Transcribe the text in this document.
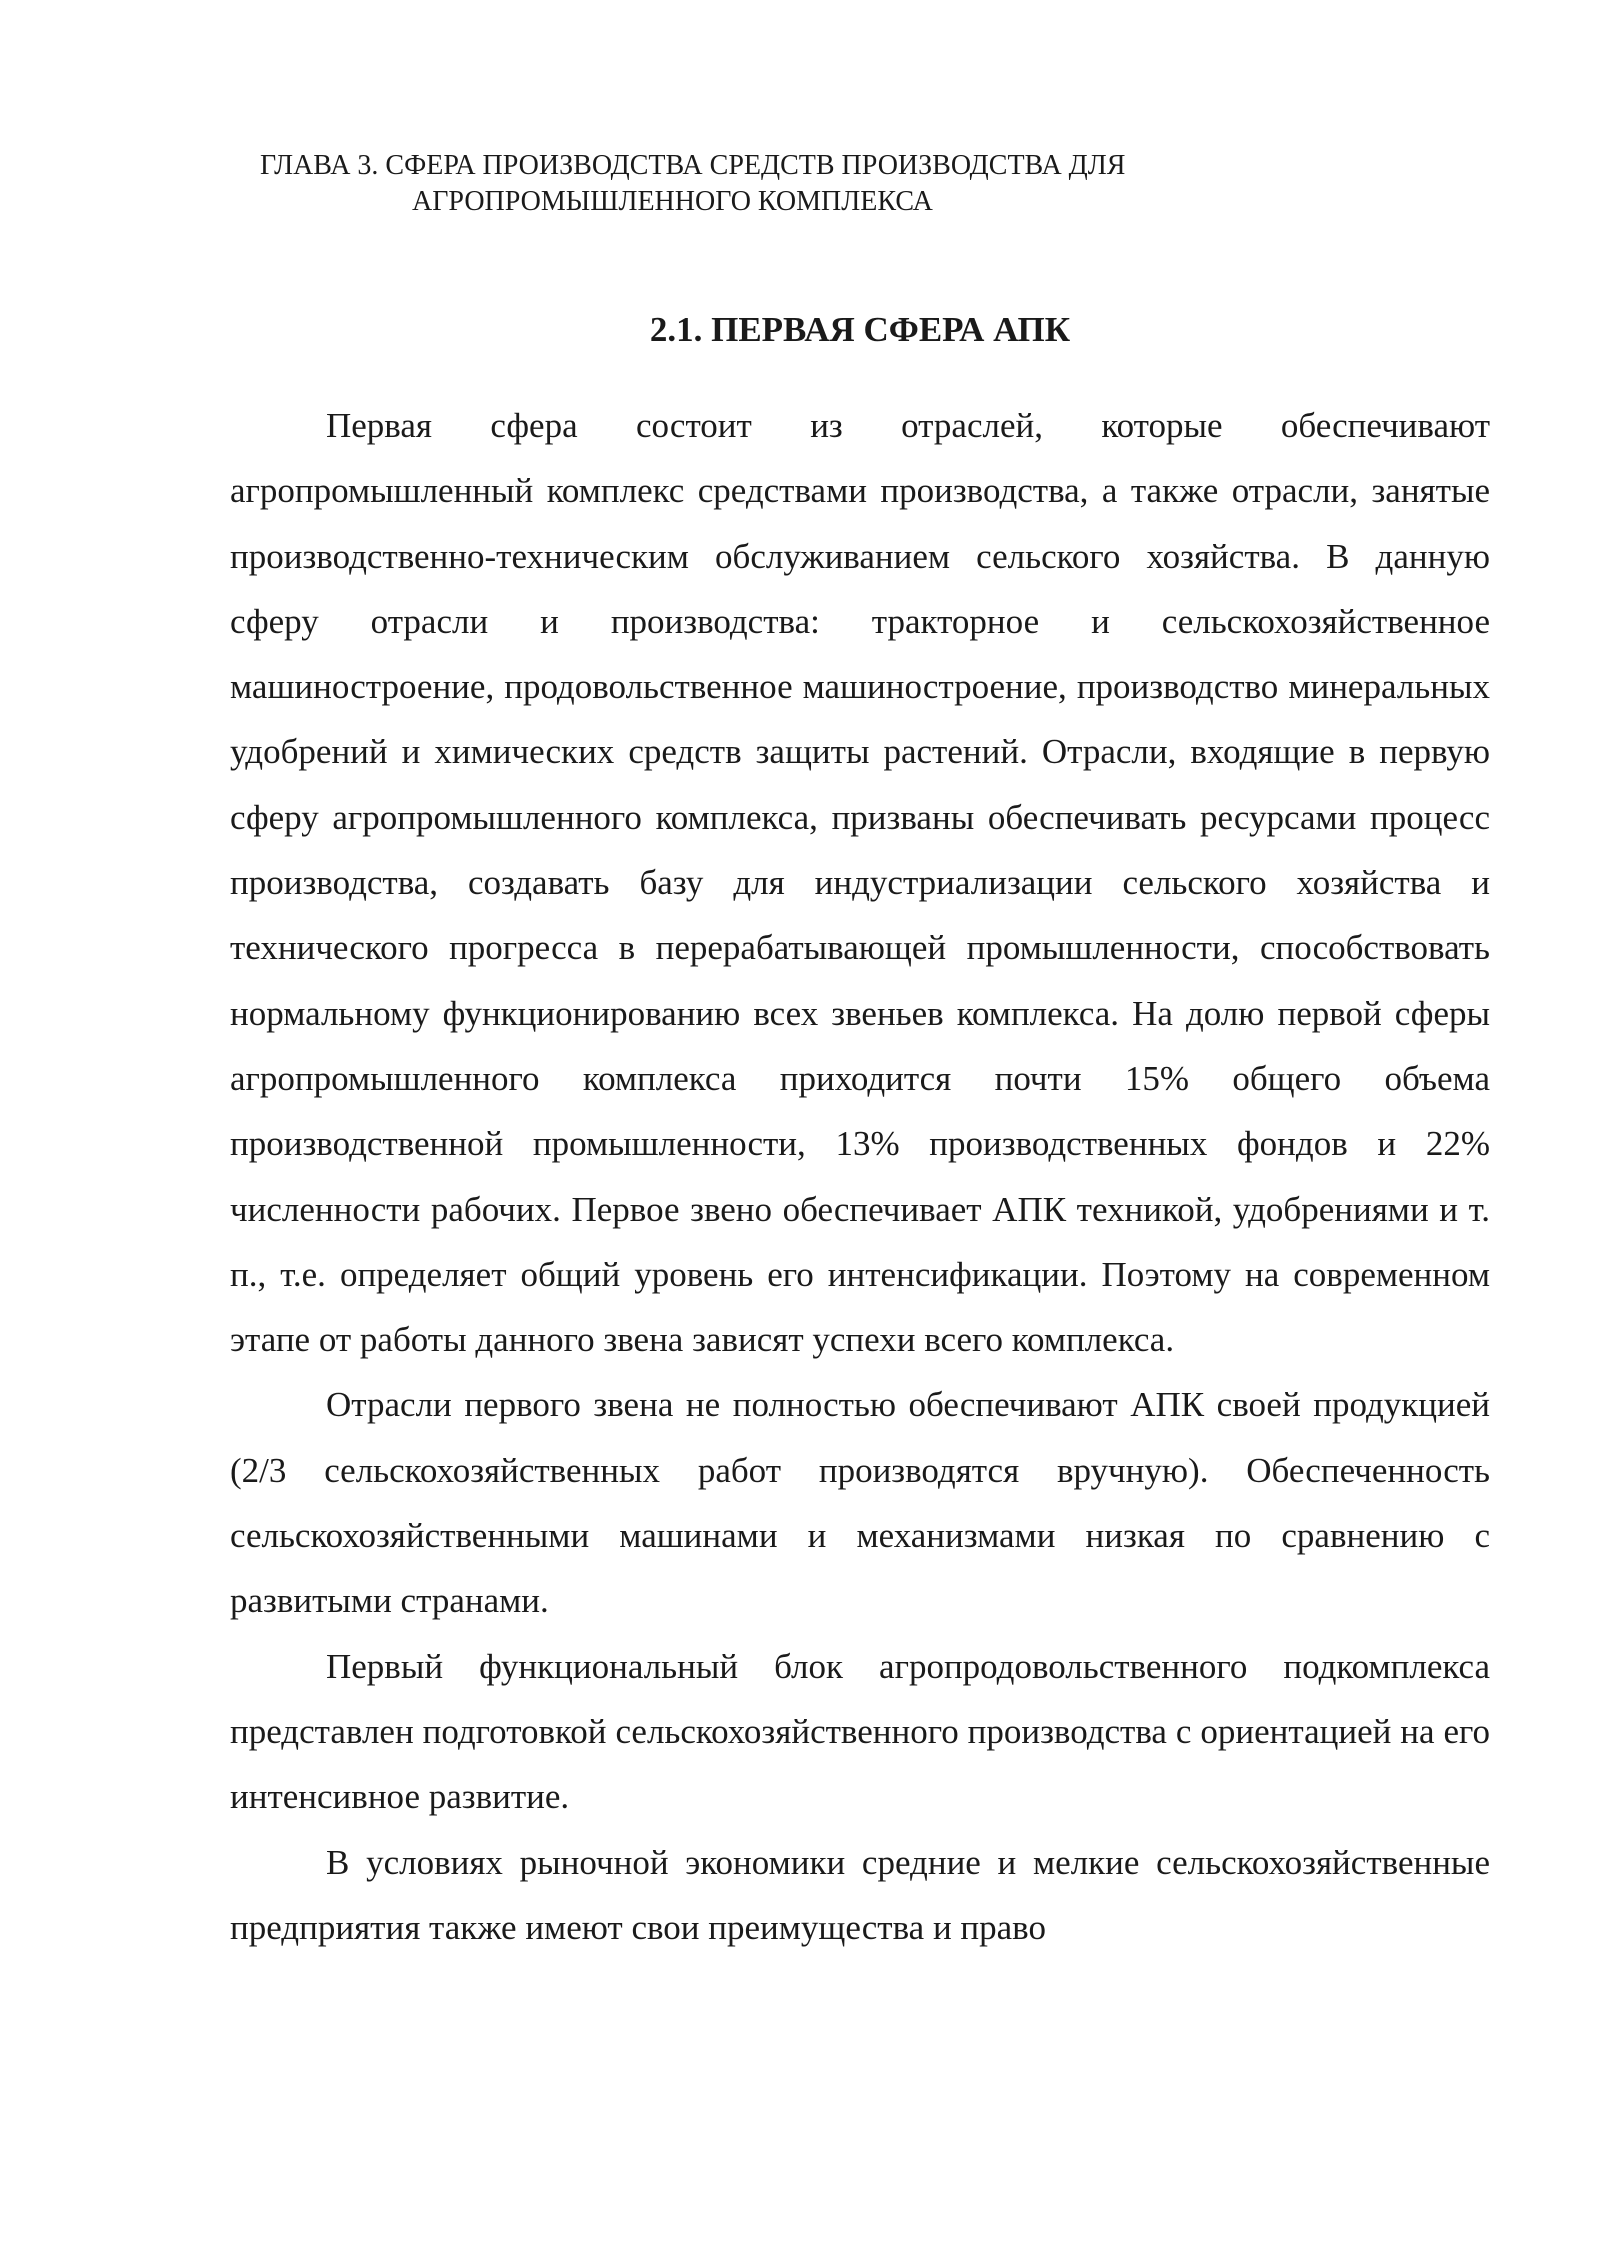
ГЛАВА 3. СФЕРА ПРОИЗВОДСТВА СРЕДСТВ ПРОИЗВОДСТВА ДЛЯ
АГРОПРОМЫШЛЕННОГО КОМПЛЕКСА
2.1. ПЕРВАЯ СФЕРА АПК

Первая сфера состоит из отраслей, которые обеспечивают агропромышленный комплекс средствами производства, а также отрасли, занятые производственно-техническим обслуживанием сельского хозяйства. В данную сферу отрасли и производства: тракторное и сельскохозяйственное машиностроение, продовольственное машиностроение, производство минеральных удобрений и химических средств защиты растений. Отрасли, входящие в первую сферу агропромышленного комплекса, призваны обеспечивать ресурсами процесс производства, создавать базу для индустриализации сельского хозяйства и технического прогресса в перерабатывающей промышленности, способствовать нормальному функционированию всех звеньев комплекса. На долю первой сферы агропромышленного комплекса приходится почти 15% общего объема производственной промышленности, 13% производственных фондов и 22% численности рабочих. Первое звено обеспечивает АПК техникой, удобрениями и т. п., т.е. определяет общий уровень его интенсификации. Поэтому на современном этапе от работы данного звена зависят успехи всего комплекса.

Отрасли первого звена не полностью обеспечивают АПК своей продукцией (2/3 сельскохозяйственных работ производятся вручную). Обеспеченность сельскохозяйственными машинами и механизмами низкая по сравнению с развитыми странами.

Первый функциональный блок агропродовольственного подкомплекса представлен подготовкой сельскохозяйственного производства с ориентацией на его интенсивное развитие.

В условиях рыночной экономики средние и мелкие сельскохозяйственные предприятия также имеют свои преимущества и право
